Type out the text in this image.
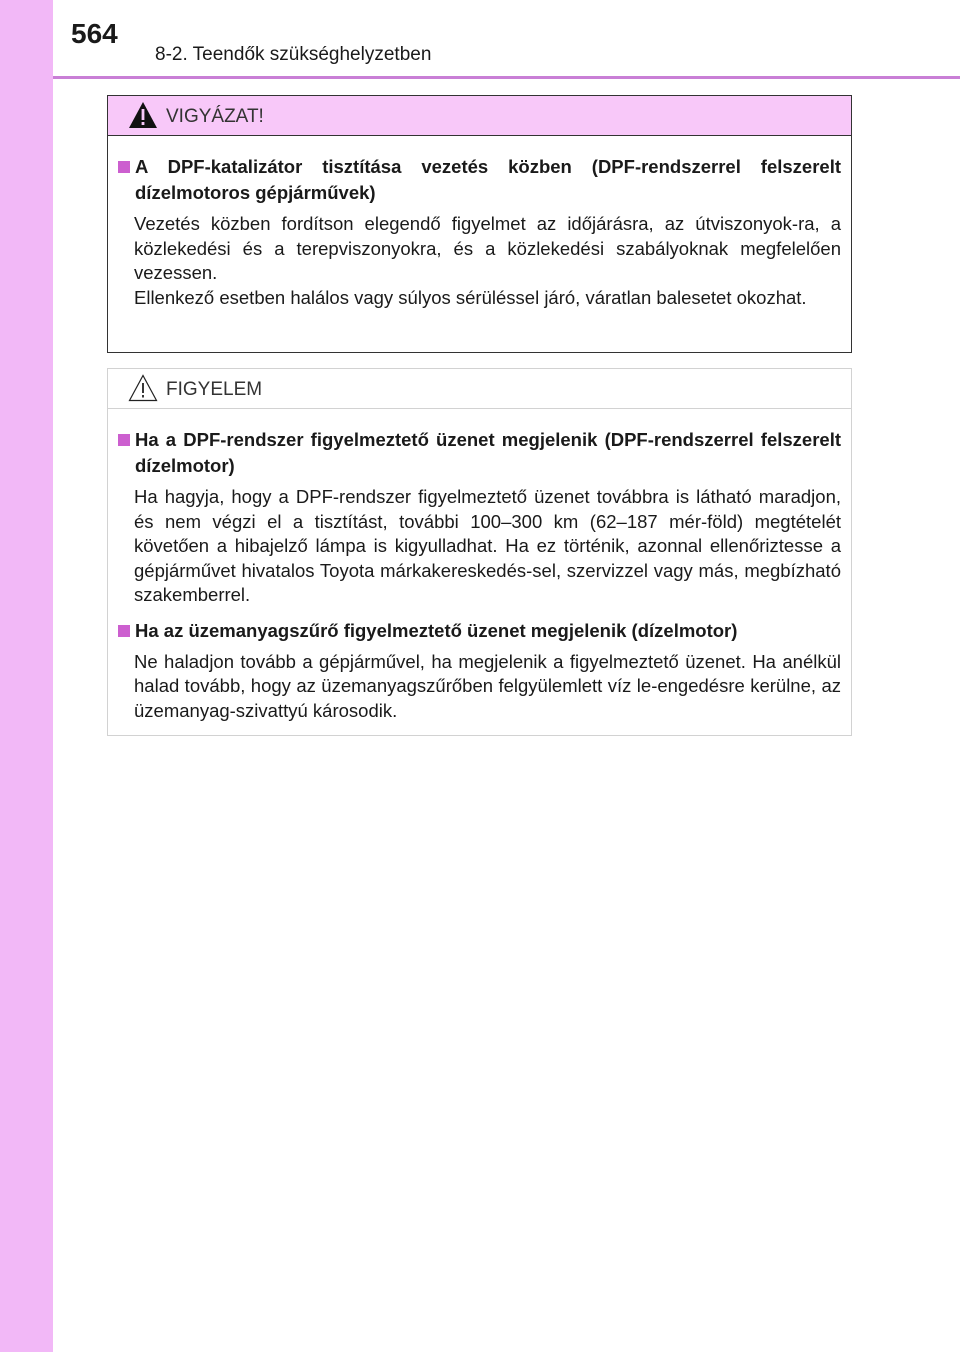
564
8-2. Teendők szükséghelyzetben
VIGYÁZAT!
A DPF-katalizátor tisztítása vezetés közben (DPF-rendszerrel felszerelt dízelmotoros gépjárművek)
Vezetés közben fordítson elegendő figyelmet az időjárásra, az útviszonyok-ra, a közlekedési és a terepviszonyokra, és a közlekedési szabályoknak megfelelően vezessen.
Ellenkező esetben halálos vagy súlyos sérüléssel járó, váratlan balesetet okozhat.
FIGYELEM
Ha a DPF-rendszer figyelmeztető üzenet megjelenik (DPF-rendszerrel felszerelt dízelmotor)
Ha hagyja, hogy a DPF-rendszer figyelmeztető üzenet továbbra is látható maradjon, és nem végzi el a tisztítást, további 100–300 km (62–187 mér-föld) megtételét követően a hibajelző lámpa is kigyulladhat. Ha ez történik, azonnal ellenőriztesse a gépjárművet hivatalos Toyota márkakereskedés-sel, szervizzel vagy más, megbízható szakemberrel.
Ha az üzemanyagszűrő figyelmeztető üzenet megjelenik (dízelmotor)
Ne haladjon tovább a gépjárművel, ha megjelenik a figyelmeztető üzenet. Ha anélkül halad tovább, hogy az üzemanyagszűrőben felgyülemlett víz le-engedésre kerülne, az üzemanyag-szivattyú károsodik.
